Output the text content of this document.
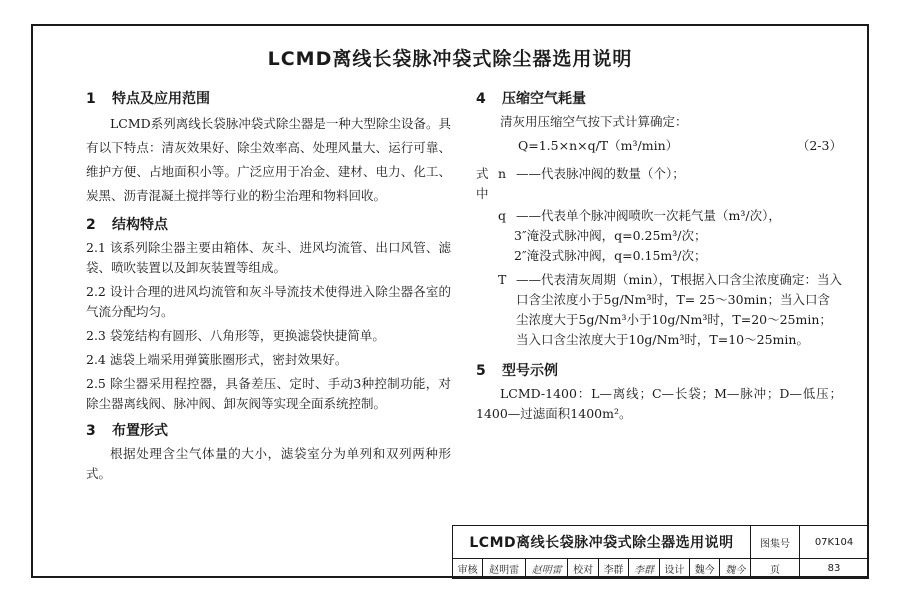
LCMD离线长袋脉冲袋式除尘器选用说明

1 特点及应用范围

LCMD系列离线长袋脉冲袋式除尘器是一种大型除尘设备。具有以下特点：清灰效果好、除尘效率高、处理风量大、运行可靠、维护方便、占地面积小等。广泛应用于冶金、建材、电力、化工、炭黑、沥青混凝土搅拌等行业的粉尘治理和物料回收。

2 结构特点

2.1 该系列除尘器主要由箱体、灰斗、进风均流管、出口风管、滤袋、喷吹装置以及卸灰装置等组成。

2.2 设计合理的进风均流管和灰斗导流技术使得进入除尘器各室的气流分配均匀。

2.3 袋笼结构有圆形、八角形等，更换滤袋快捷简单。

2.4 滤袋上端采用弹簧胀圈形式，密封效果好。

2.5 除尘器采用程控器，具备差压、定时、手动3种控制功能，对除尘器离线阀、脉冲阀、卸灰阀等实现全面系统控制。

3 布置形式

根据处理含尘气体量的大小，滤袋室分为单列和双列两种形式。

4 压缩空气耗量

清灰用压缩空气按下式计算确定：

Q=1.5×n×q/T（m³/min）	（2-3）
式中
n ——代表脉冲阀的数量（个）；
q ——代表单个脉冲阀喷吹一次耗气量（m³/次），
3″淹没式脉冲阀，q=0.25m³/次；
2″淹没式脉冲阀，q=0.15m³/次；
T ——代表清灰周期（min），T根据入口含尘浓度确定：当入口含尘浓度小于5g/Nm³时，T= 25～30min；当入口含尘浓度大于5g/Nm³小于10g/Nm³时，T=20～25min；当入口含尘浓度大于10g/Nm³时，T=10～25min。

5 型号示例

LCMD-1400：L—离线；C—长袋；M—脉冲；D—低压；1400—过滤面积1400m²。

LCMD离线长袋脉冲袋式除尘器选用说明									图集号	07K104
审核	赵明雷	赵明雷	校对	李群	李群	设计	魏今	魏今	页	83
